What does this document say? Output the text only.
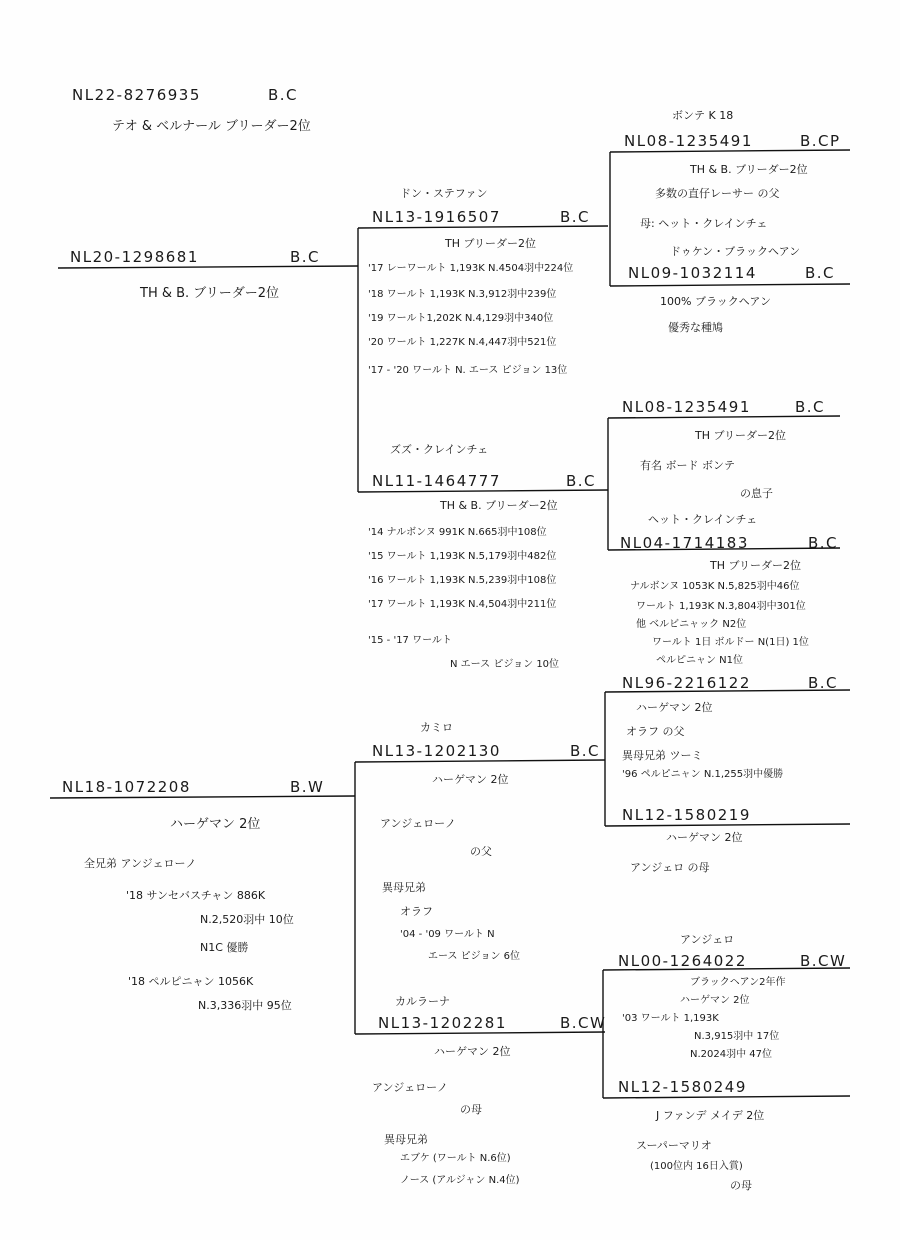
NL22-8276935	B.C
テオ & ベルナール ブリーダー2位
NL20-1298681	B.C
TH & B. ブリーダー2位
ドン・ステファン
NL13-1916507	B.C
TH ブリーダー2位
'17 レーワールト 1,193K N.4504羽中224位
'18 ワールト 1,193K N.3,912羽中239位
'19 ワールト1,202K N.4,129羽中340位
'20 ワールト 1,227K N.4,447羽中521位
'17 - '20 ワールト N. エース ピジョン 13位
ボンテ K 18
NL08-1235491	B.CP
TH & B. ブリーダー2位
多数の直仔レーサー の父
母: ヘット・クレインチェ
ドゥケン・ブラックヘアン
NL09-1032114	B.C
100% ブラックヘアン
優秀な種鳩
ズズ・クレインチェ
NL11-1464777	B.C
TH & B. ブリーダー2位
'14 ナルボンヌ 991K N.665羽中108位
'15 ワールト 1,193K N.5,179羽中482位
'16 ワールト 1,193K N.5,239羽中108位
'17 ワールト 1,193K N.4,504羽中211位
'15 - '17 ワールト
N エース ピジョン 10位
NL08-1235491	B.C
TH ブリーダー2位
有名 ボード ボンテ
の息子
ヘット・クレインチェ
NL04-1714183	B.C
TH ブリーダー2位
ナルボンヌ 1053K N.5,825羽中46位
ワールト 1,193K N.3,804羽中301位
他 ベルビニャック N2位
ワールト 1日 ボルドー N(1日) 1位
ペルピニャン N1位
NL18-1072208	B.W
ハーゲマン 2位
全兄弟 アンジェローノ
'18 サンセバスチャン 886K
N.2,520羽中 10位
N1C 優勝
'18 ペルピニャン 1056K
N.3,336羽中 95位
カミロ
NL13-1202130	B.C
ハーゲマン 2位
アンジェローノ
の父
異母兄弟
オラフ
'04 - '09 ワールト N
エース ピジョン 6位
NL96-2216122	B.C
ハーゲマン 2位
オラフ の父
異母兄弟 ツーミ
'96 ペルピニャン N.1,255羽中優勝
NL12-1580219
ハーゲマン 2位
アンジェロ の母
カルラーナ
NL13-1202281	B.CW
ハーゲマン 2位
アンジェローノ
の母
異母兄弟
エブケ (ワールト N.6位)
ノース (アルジャン N.4位)
アンジェロ
NL00-1264022	B.CW
ブラックヘアン2年作
ハーゲマン 2位
'03 ワールト 1,193K
N.3,915羽中 17位
N.2024羽中 47位
NL12-1580249
J ファンデ メイデ 2位
スーパーマリオ
(100位内 16日入賞)
の母
